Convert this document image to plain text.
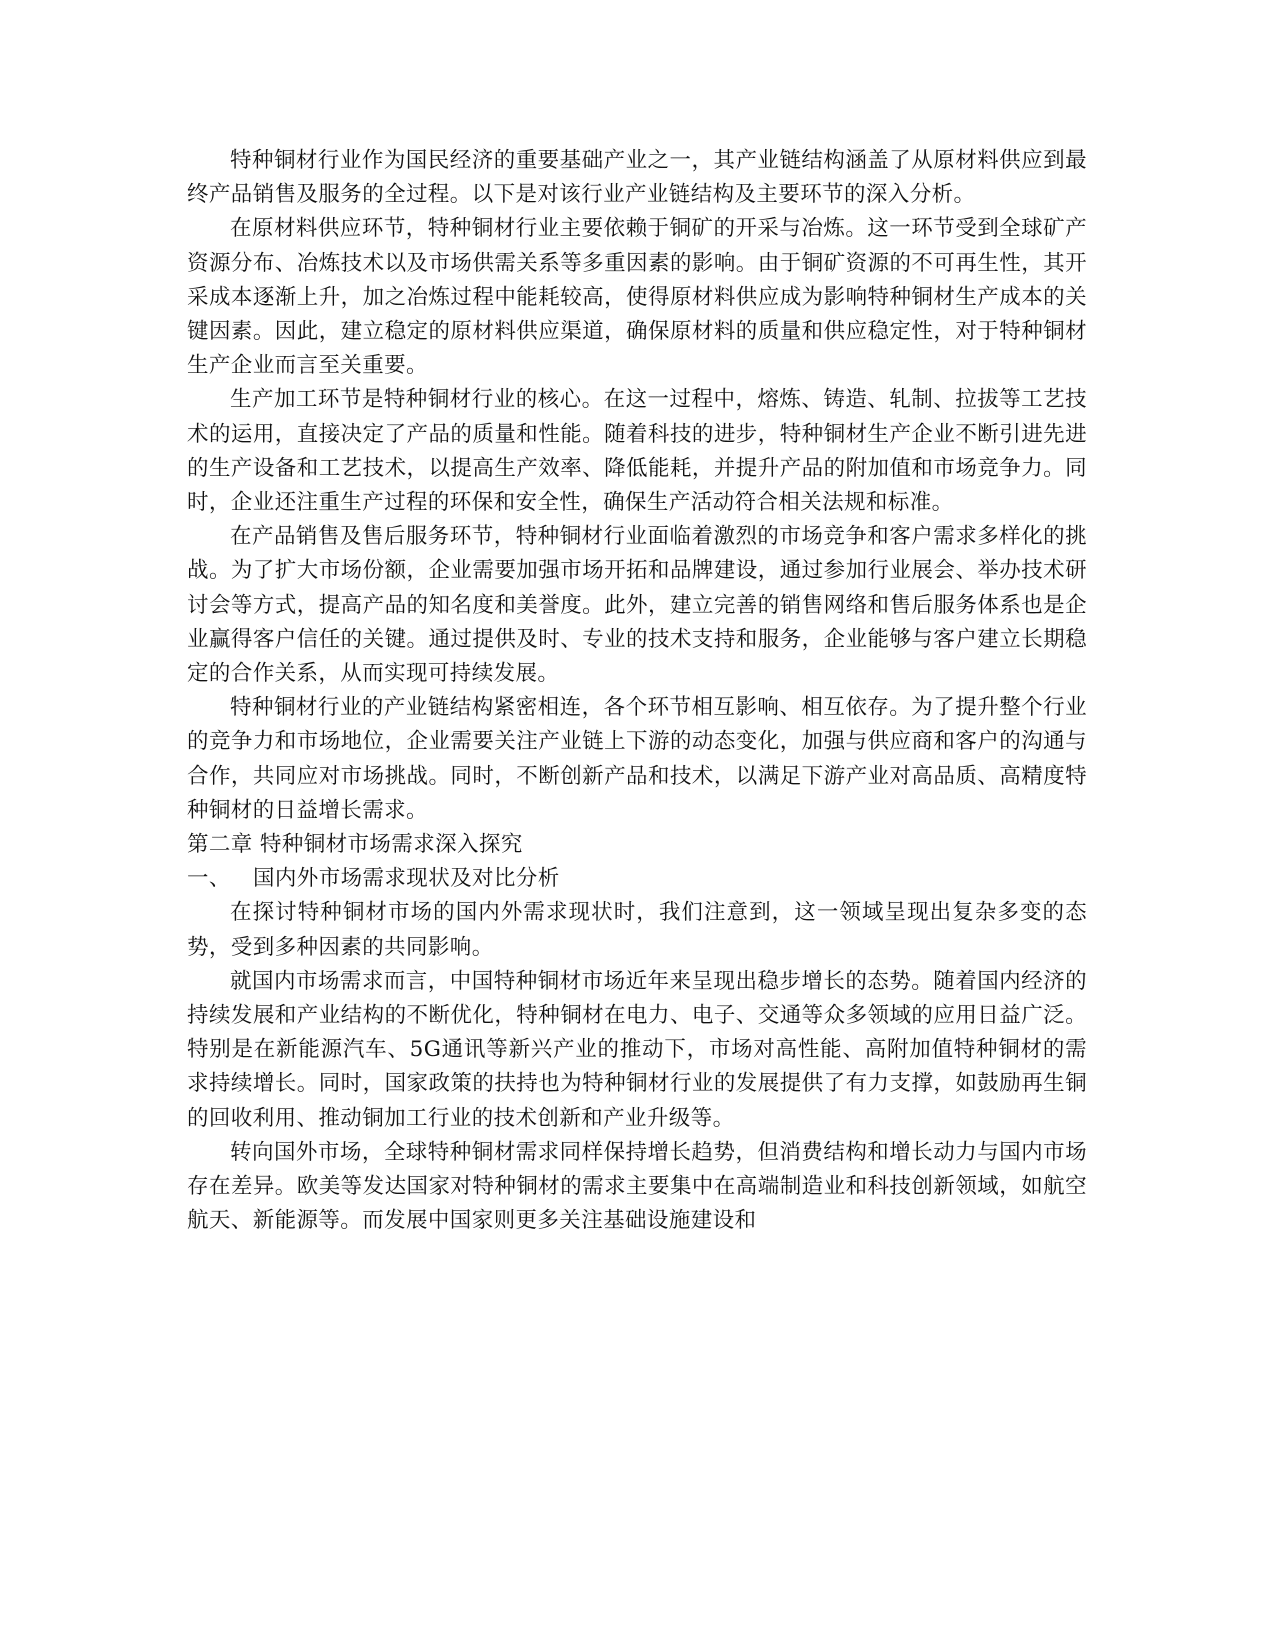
特种铜材行业作为国民经济的重要基础产业之一，其产业链结构涵盖了从原材料供应到最终产品销售及服务的全过程。以下是对该行业产业链结构及主要环节的深入分析。

在原材料供应环节，特种铜材行业主要依赖于铜矿的开采与冶炼。这一环节受到全球矿产资源分布、冶炼技术以及市场供需关系等多重因素的影响。由于铜矿资源的不可再生性，其开采成本逐渐上升，加之冶炼过程中能耗较高，使得原材料供应成为影响特种铜材生产成本的关键因素。因此，建立稳定的原材料供应渠道，确保原材料的质量和供应稳定性，对于特种铜材生产企业而言至关重要。

生产加工环节是特种铜材行业的核心。在这一过程中，熔炼、铸造、轧制、拉拔等工艺技术的运用，直接决定了产品的质量和性能。随着科技的进步，特种铜材生产企业不断引进先进的生产设备和工艺技术，以提高生产效率、降低能耗，并提升产品的附加值和市场竞争力。同时，企业还注重生产过程的环保和安全性，确保生产活动符合相关法规和标准。

在产品销售及售后服务环节，特种铜材行业面临着激烈的市场竞争和客户需求多样化的挑战。为了扩大市场份额，企业需要加强市场开拓和品牌建设，通过参加行业展会、举办技术研讨会等方式，提高产品的知名度和美誉度。此外，建立完善的销售网络和售后服务体系也是企业赢得客户信任的关键。通过提供及时、专业的技术支持和服务，企业能够与客户建立长期稳定的合作关系，从而实现可持续发展。

特种铜材行业的产业链结构紧密相连，各个环节相互影响、相互依存。为了提升整个行业的竞争力和市场地位，企业需要关注产业链上下游的动态变化，加强与供应商和客户的沟通与合作，共同应对市场挑战。同时，不断创新产品和技术，以满足下游产业对高品质、高精度特种铜材的日益增长需求。

第二章 特种铜材市场需求深入探究

一、 国内外市场需求现状及对比分析

在探讨特种铜材市场的国内外需求现状时，我们注意到，这一领域呈现出复杂多变的态势，受到多种因素的共同影响。

就国内市场需求而言，中国特种铜材市场近年来呈现出稳步增长的态势。随着国内经济的持续发展和产业结构的不断优化，特种铜材在电力、电子、交通等众多领域的应用日益广泛。特别是在新能源汽车、5G通讯等新兴产业的推动下，市场对高性能、高附加值特种铜材的需求持续增长。同时，国家政策的扶持也为特种铜材行业的发展提供了有力支撑，如鼓励再生铜的回收利用、推动铜加工行业的技术创新和产业升级等。

转向国外市场，全球特种铜材需求同样保持增长趋势，但消费结构和增长动力与国内市场存在差异。欧美等发达国家对特种铜材的需求主要集中在高端制造业和科技创新领域，如航空航天、新能源等。而发展中国家则更多关注基础设施建设和
